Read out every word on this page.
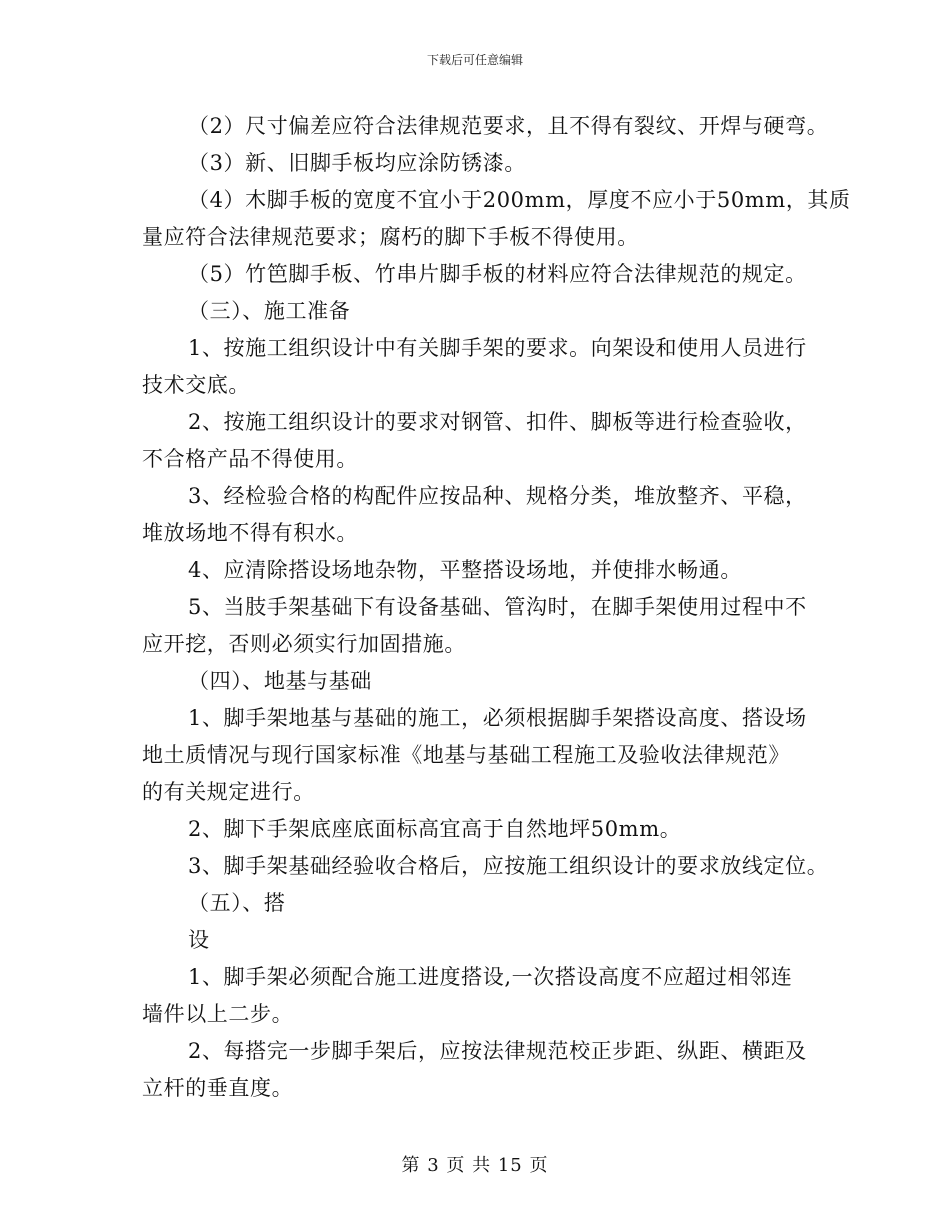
下载后可任意编辑
（2）尺寸偏差应符合法律规范要求，且不得有裂纹、开焊与硬弯。
（3）新、旧脚手板均应涂防锈漆。
（4）木脚手板的宽度不宜小于200mm，厚度不应小于50mm，其质
量应符合法律规范要求；腐朽的脚下手板不得使用。
（5）竹笆脚手板、竹串片脚手板的材料应符合法律规范的规定。
（三）、施工准备
1、按施工组织设计中有关脚手架的要求。向架设和使用人员进行
技术交底。
2、按施工组织设计的要求对钢管、扣件、脚板等进行检查验收，
不合格产品不得使用。
3、经检验合格的构配件应按品种、规格分类，堆放整齐、平稳，
堆放场地不得有积水。
4、应清除搭设场地杂物，平整搭设场地，并使排水畅通。
5、当肢手架基础下有设备基础、管沟时，在脚手架使用过程中不
应开挖，否则必须实行加固措施。
（四）、地基与基础
1、脚手架地基与基础的施工，必须根据脚手架搭设高度、搭设场
地土质情况与现行国家标准《地基与基础工程施工及验收法律规范》
的有关规定进行。
2、脚下手架底座底面标高宜高于自然地坪50mm。
3、脚手架基础经验收合格后，应按施工组织设计的要求放线定位。
（五）、搭
设
1、脚手架必须配合施工进度搭设,一次搭设高度不应超过相邻连
墙件以上二步。
2、每搭完一步脚手架后，应按法律规范校正步距、纵距、横距及
立杆的垂直度。
第 3 页 共 15 页
